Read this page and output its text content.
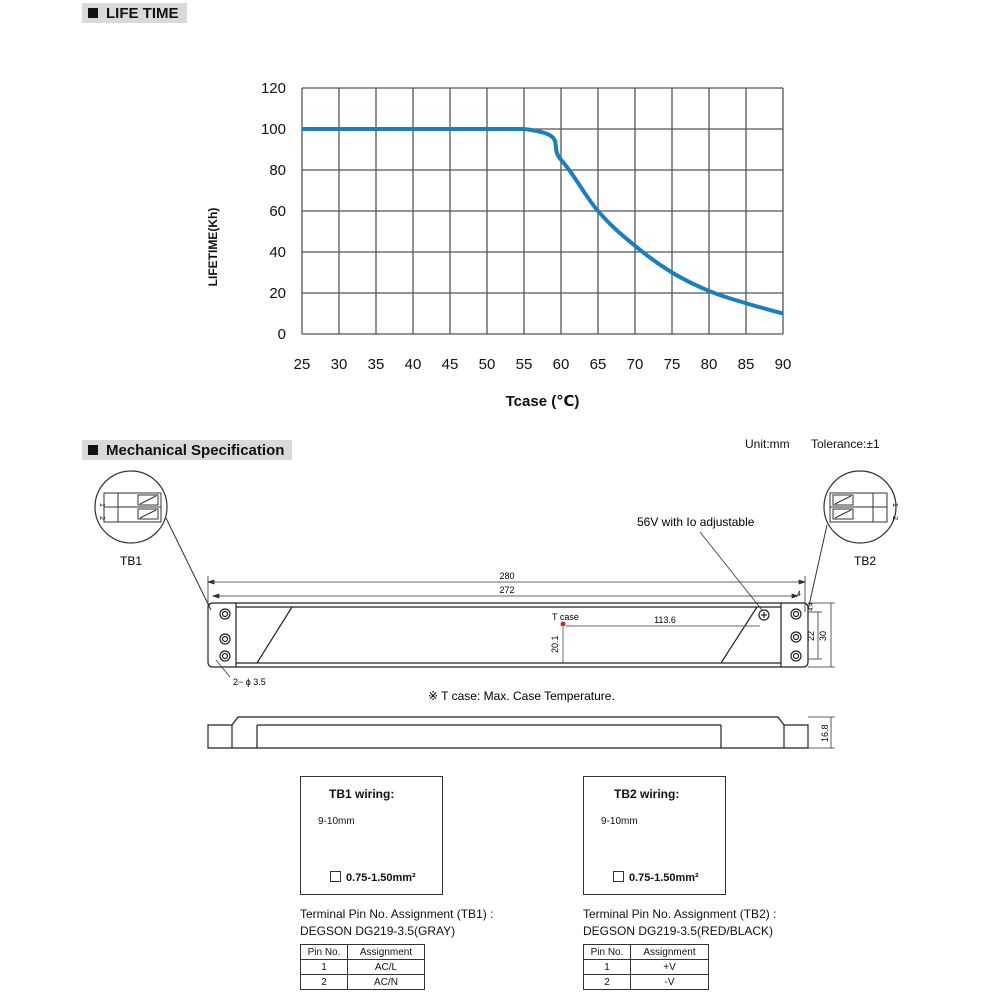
LIFE TIME
25 30 35 40 45 50 55 60 65 70 75 80 85 90
0
20
40
60
80
100
120
Tcase (℃)
LIFETIME(Kh)
Mechanical Specification	Unit:mm Tolerance:±1
1
2
TB1
1
2
TB2
56V with Io adjustable
280
272
T case	113.6
20.1	30
22
4
4.4
2− ϕ 3.5
※ T case: Max. Case Temperature.
16.8
TB1 wiring:
9-10mm
0.75-1.50mm²
TB2 wiring:
9-10mm
0.75-1.50mm²
Terminal Pin No. Assignment (TB1) :
DEGSON DG219-3.5(GRAY)
Pin No.	Assignment
1	AC/L
2	AC/N
Terminal Pin No. Assignment (TB2) :
DEGSON DG219-3.5(RED/BLACK)
Pin No.	Assignment
1	+V
2	-V
